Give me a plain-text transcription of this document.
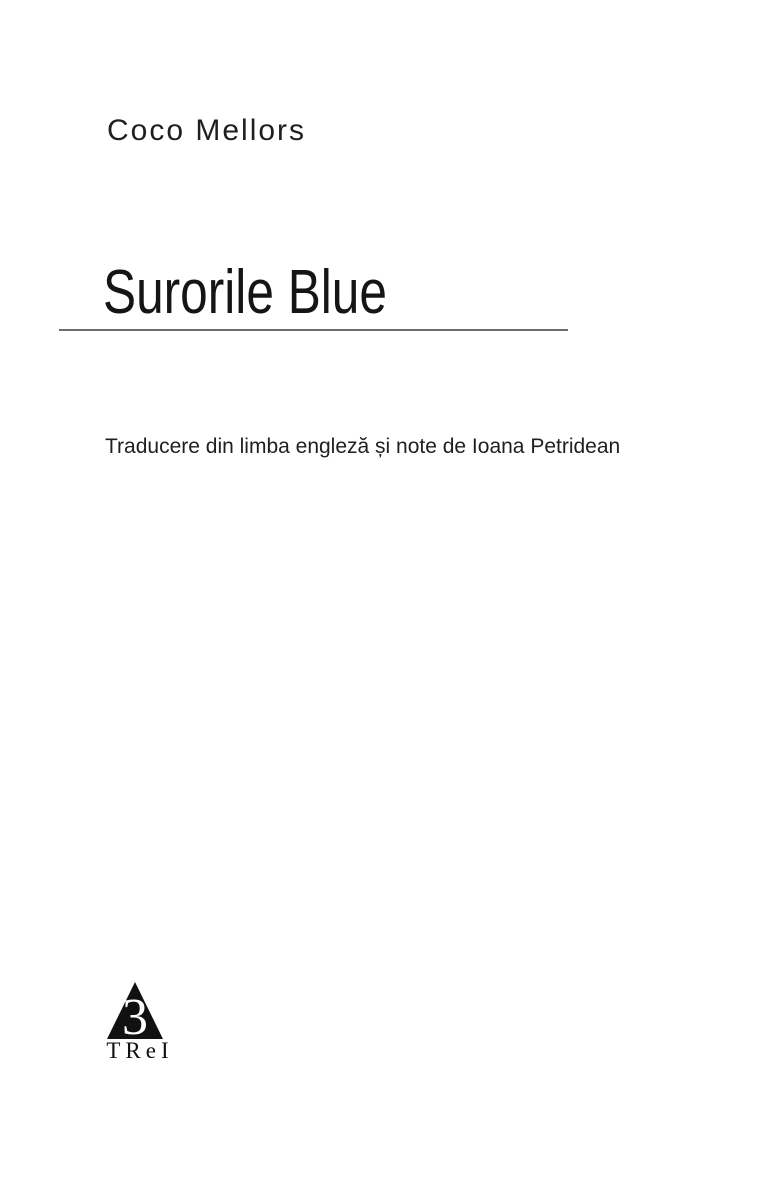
Coco Mellors
Surorile Blue
Traducere din limba engleză și note de Ioana Petridean
3
TReI
